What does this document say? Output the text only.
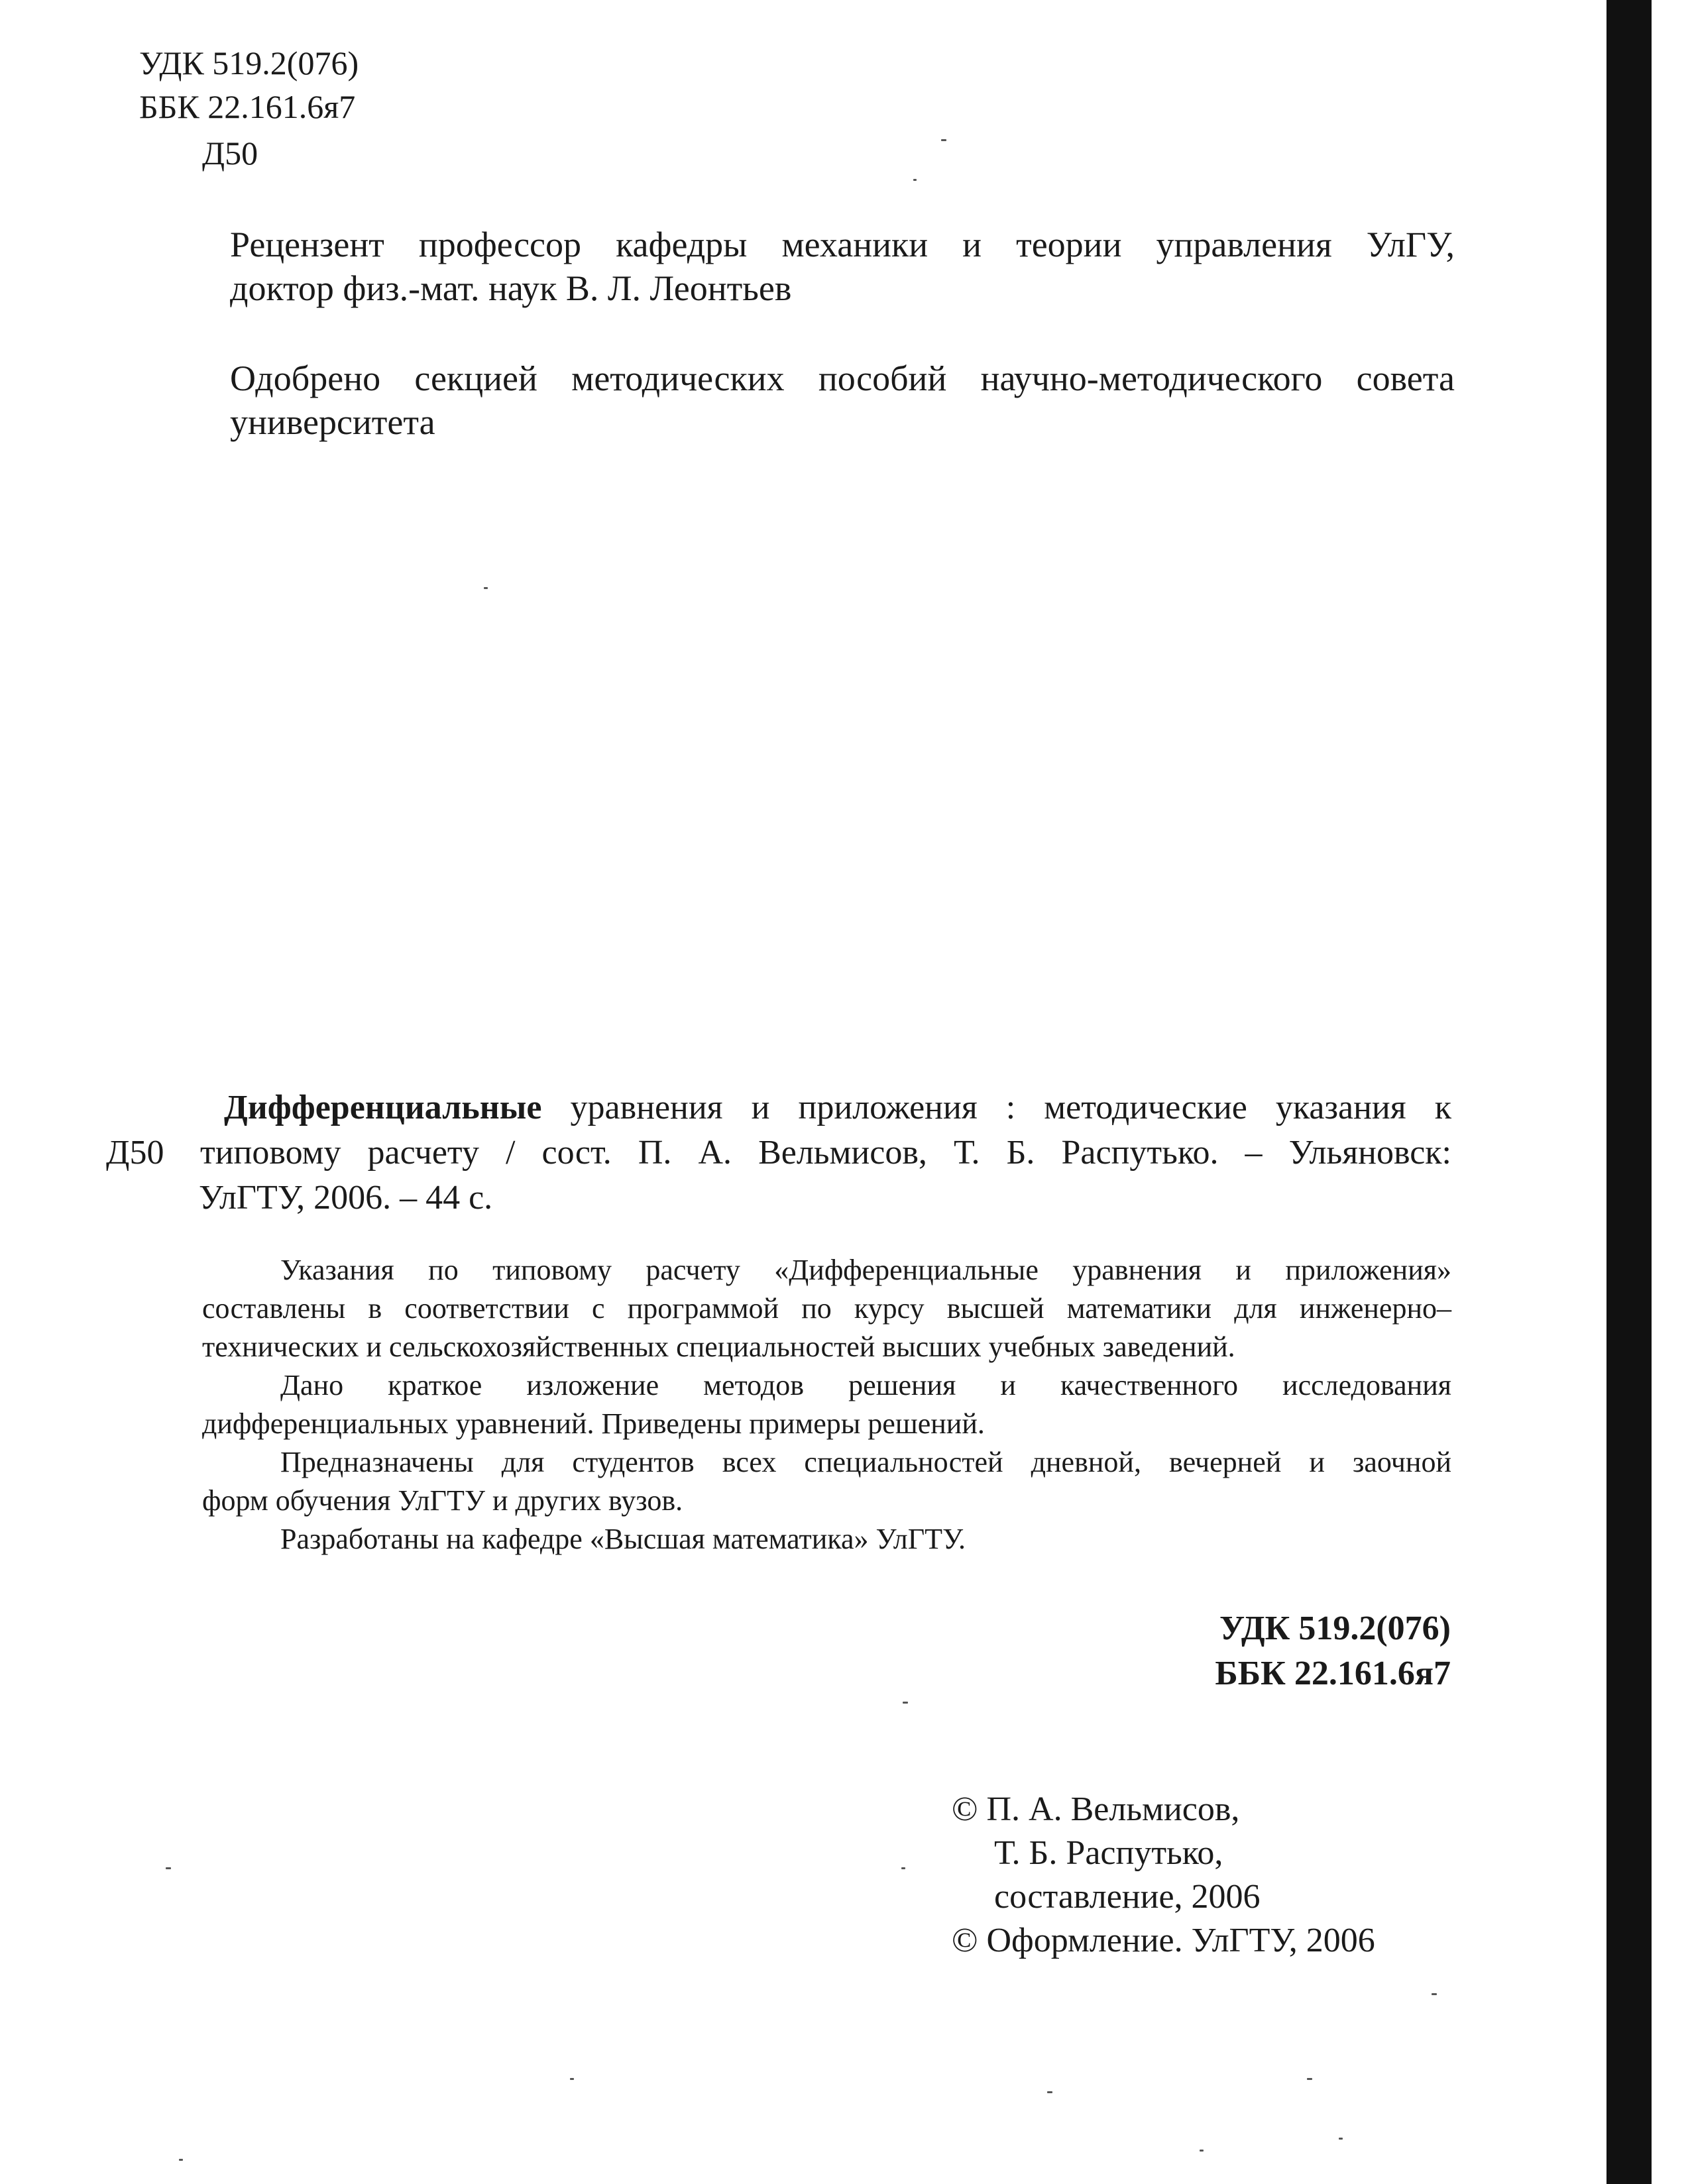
УДК 519.2(076)
ББК 22.161.6я7
Д50
Рецензент профессор кафедры механики и теории управления УлГУ,
доктор физ.-мат. наук В. Л. Леонтьев
Одобрено секцией методических пособий научно-методического совета
университета
Дифференциальные уравнения и приложения : методические указания к
Д50 типовому расчету / сост. П. А. Вельмисов, Т. Б. Распутько. – Ульяновск:
УлГТУ, 2006. – 44 с.

Указания по типовому расчету «Дифференциальные уравнения и приложения»

составлены в соответствии с программой по курсу высшей математики для инженерно–

технических и сельскохозяйственных специальностей высших учебных заведений.

Дано краткое изложение методов решения и качественного исследования

дифференциальных уравнений. Приведены примеры решений.

Предназначены для студентов всех специальностей дневной, вечерней и заочной

форм обучения УлГТУ и других вузов.

Разработаны на кафедре «Высшая математика» УлГТУ.

УДК 519.2(076)
ББК 22.161.6я7
© П. А. Вельмисов,
Т. Б. Распутько,
составление, 2006
© Оформление. УлГТУ, 2006
